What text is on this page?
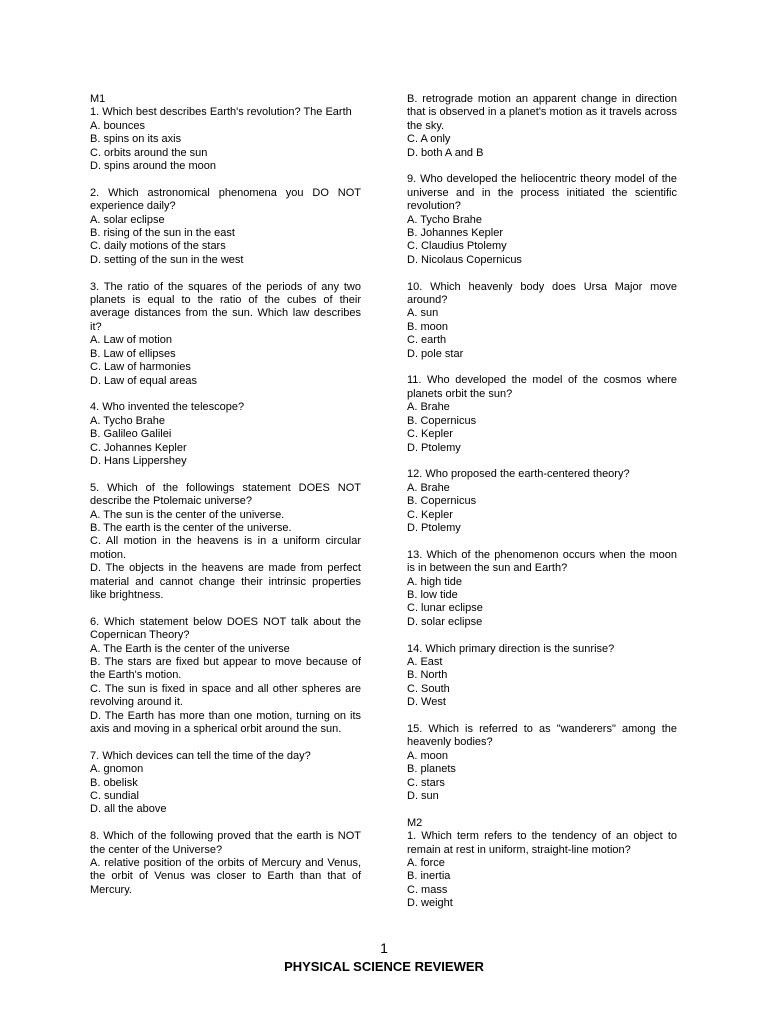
M1
1. Which best describes Earth's revolution? The Earth
A. bounces
B. spins on its axis
C. orbits around the sun
D. spins around the moon
2. Which astronomical phenomena you DO NOT experience daily?
A. solar eclipse
B. rising of the sun in the east
C. daily motions of the stars
D. setting of the sun in the west
3. The ratio of the squares of the periods of any two planets is equal to the ratio of the cubes of their average distances from the sun. Which law describes it?
A. Law of motion
B. Law of ellipses
C. Law of harmonies
D. Law of equal areas
4. Who invented the telescope?
A. Tycho Brahe
B. Galileo Galilei
C. Johannes Kepler
D. Hans Lippershey
5. Which of the followings statement DOES NOT describe the Ptolemaic universe?
A. The sun is the center of the universe.
B. The earth is the center of the universe.
C. All motion in the heavens is in a uniform circular motion.
D. The objects in the heavens are made from perfect material and cannot change their intrinsic properties like brightness.
6. Which statement below DOES NOT talk about the Copernican Theory?
A. The Earth is the center of the universe
B. The stars are fixed but appear to move because of the Earth's motion.
C. The sun is fixed in space and all other spheres are revolving around it.
D. The Earth has more than one motion, turning on its axis and moving in a spherical orbit around the sun.
7. Which devices can tell the time of the day?
A. gnomon
B. obelisk
C. sundial
D. all the above
8. Which of the following proved that the earth is NOT the center of the Universe?
A. relative position of the orbits of Mercury and Venus, the orbit of Venus was closer to Earth than that of Mercury.
B. retrograde motion an apparent change in direction that is observed in a planet's motion as it travels across the sky.
C. A only
D. both A and B
9. Who developed the heliocentric theory model of the universe and in the process initiated the scientific revolution?
A. Tycho Brahe
B. Johannes Kepler
C. Claudius Ptolemy
D. Nicolaus Copernicus
10. Which heavenly body does Ursa Major move around?
A. sun
B. moon
C. earth
D. pole star
11. Who developed the model of the cosmos where planets orbit the sun?
A. Brahe
B. Copernicus
C. Kepler
D. Ptolemy
12. Who proposed the earth-centered theory?
A. Brahe
B. Copernicus
C. Kepler
D. Ptolemy
13. Which of the phenomenon occurs when the moon is in between the sun and Earth?
A. high tide
B. low tide
C. lunar eclipse
D. solar eclipse
14. Which primary direction is the sunrise?
A. East
B. North
C. South
D. West
15. Which is referred to as "wanderers" among the heavenly bodies?
A. moon
B. planets
C. stars
D. sun
M2
1. Which term refers to the tendency of an object to remain at rest in uniform, straight-line motion?
A. force
B. inertia
C. mass
D. weight
1
PHYSICAL SCIENCE REVIEWER
